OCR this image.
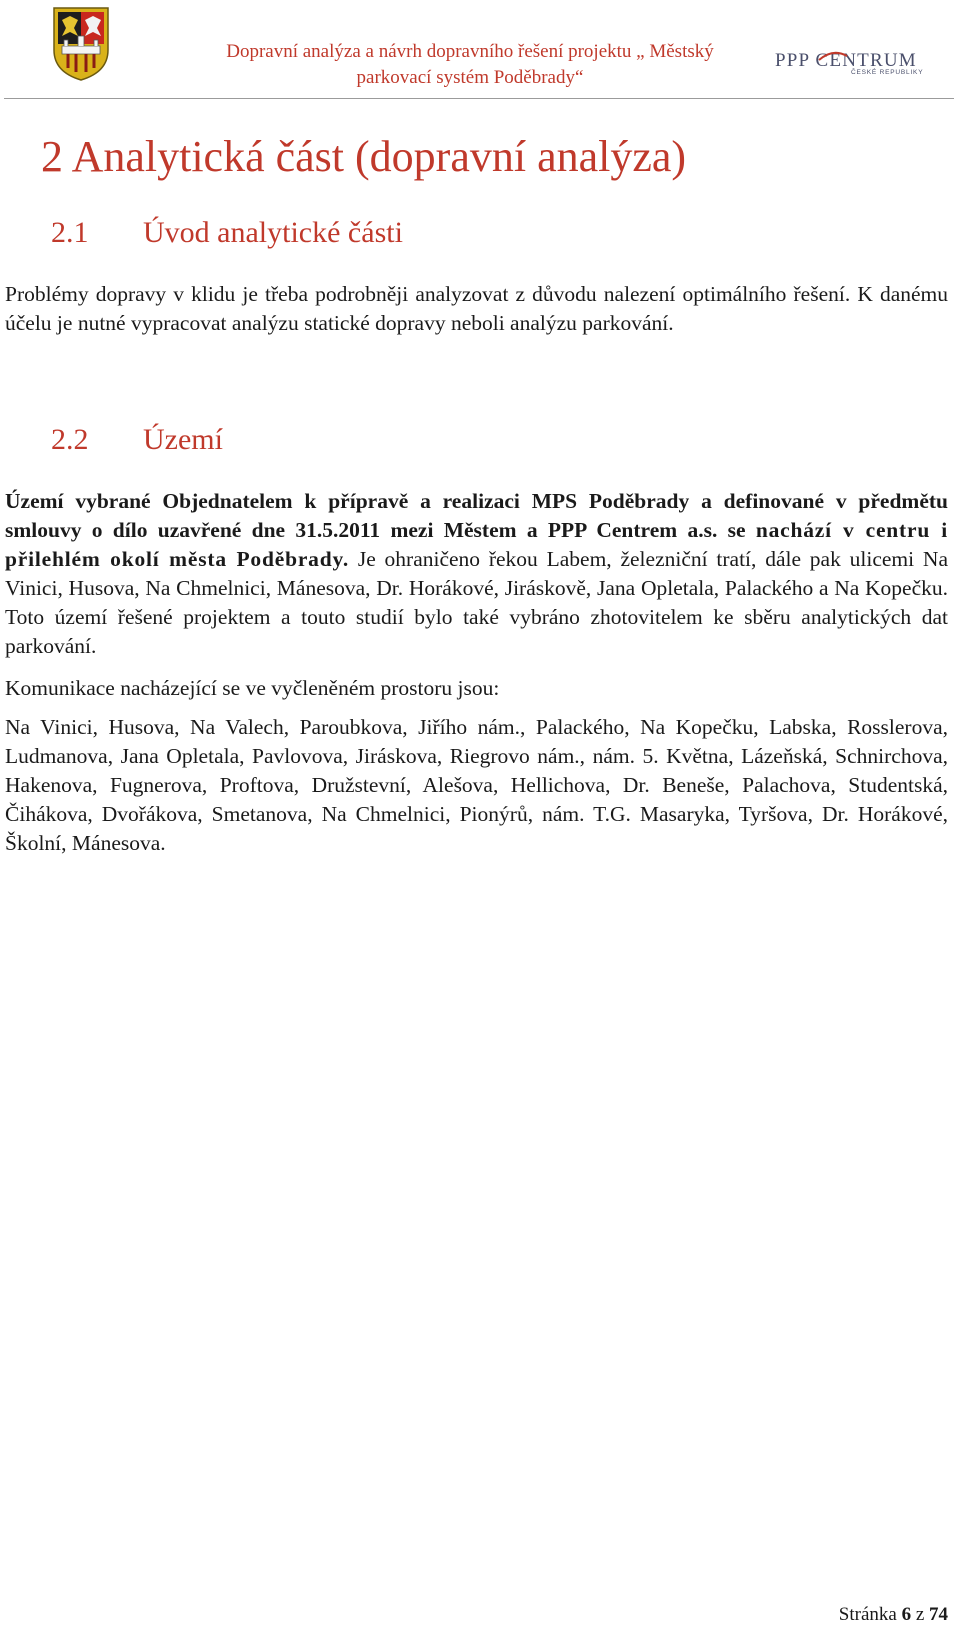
Dopravní analýza a návrh dopravního řešení projektu „ Městský
parkovací systém Poděbrady“
PPP CENTRUM
ČESKÉ REPUBLIKY
2 Analytická část (dopravní analýza)
2.1 Úvod analytické části

Problémy dopravy v klidu je třeba podrobněji analyzovat z důvodu nalezení optimálního řešení. K danému účelu je nutné vypracovat analýzu statické dopravy neboli analýzu parkování.

2.2 Území

Území vybrané Objednatelem k přípravě a realizaci MPS Poděbrady a definované v předmětu smlouvy o dílo uzavřené dne 31.5.2011 mezi Městem a PPP Centrem a.s. se nachází v centru i přilehlém okolí města Poděbrady. Je ohraničeno řekou Labem, železniční tratí, dále pak ulicemi Na Vinici, Husova, Na Chmelnici, Mánesova, Dr. Horákové, Jiráskově, Jana Opletala, Palackého a Na Kopečku. Toto území řešené projektem a touto studií bylo také vybráno zhotovitelem ke sběru analytických dat parkování.

Komunikace nacházející se ve vyčleněném prostoru jsou:

Na Vinici, Husova, Na Valech, Paroubkova, Jiřího nám., Palackého, Na Kopečku, Labska, Rosslerova, Ludmanova, Jana Opletala, Pavlovova, Jiráskova, Riegrovo nám., nám. 5. Května, Lázeňská, Schnirchova, Hakenova, Fugnerova, Proftova, Družstevní, Alešova, Hellichova, Dr. Beneše, Palachova, Studentská, Čihákova, Dvořákova, Smetanova, Na Chmelnici, Pionýrů, nám. T.G. Masaryka, Tyršova, Dr. Horákové, Školní, Mánesova.

Stránka 6 z 74
